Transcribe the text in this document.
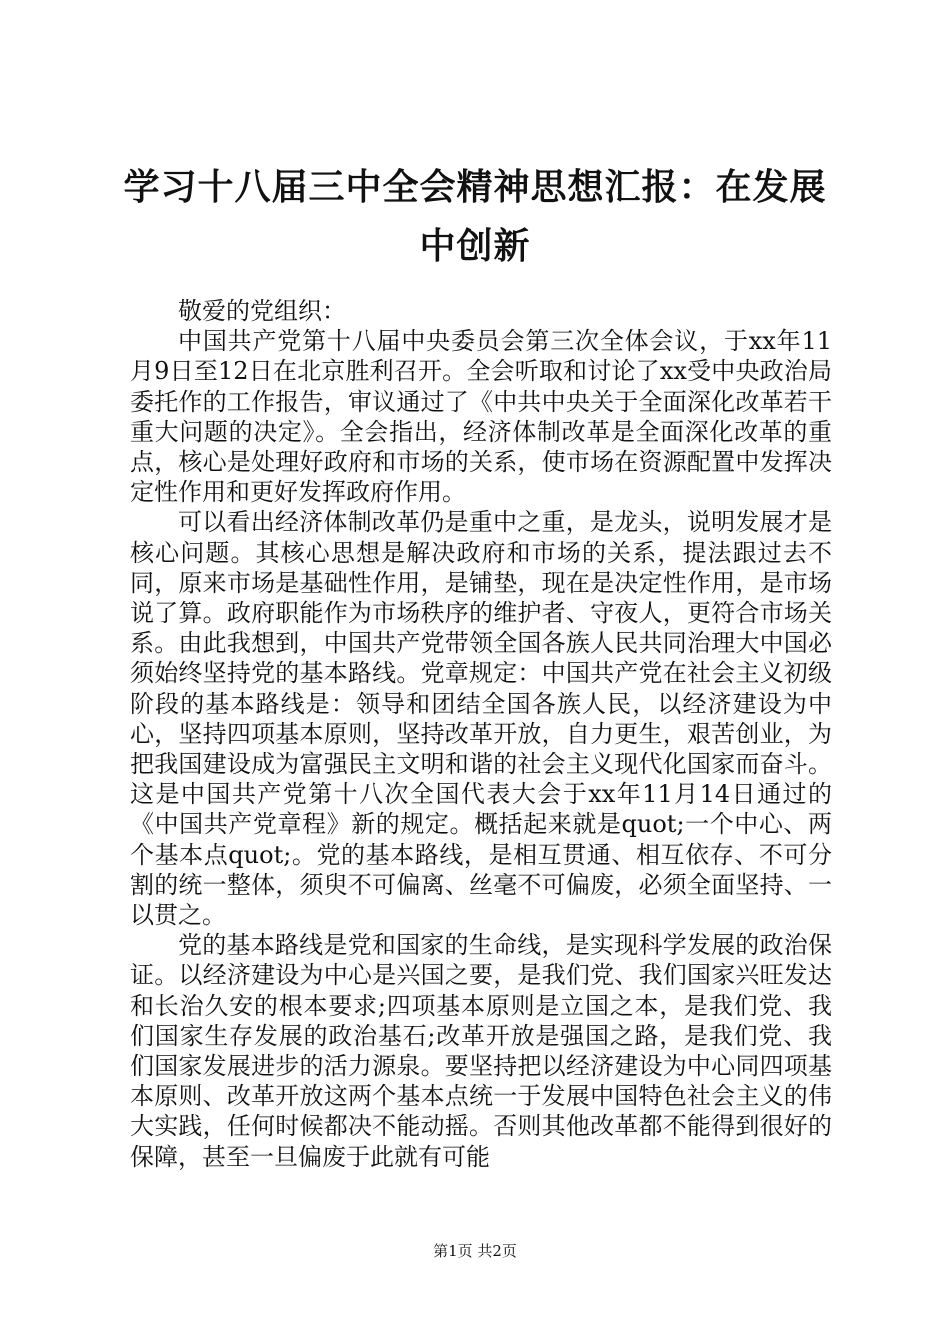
学习十八届三中全会精神思想汇报：在发展中创新

敬爱的党组织：

中国共产党第十八届中央委员会第三次全体会议，于xx年11月9日至12日在北京胜利召开。全会听取和讨论了xx受中央政治局委托作的工作报告，审议通过了《中共中央关于全面深化改革若干重大问题的决定》。全会指出，经济体制改革是全面深化改革的重点，核心是处理好政府和市场的关系，使市场在资源配置中发挥决定性作用和更好发挥政府作用。

可以看出经济体制改革仍是重中之重，是龙头，说明发展才是核心问题。其核心思想是解决政府和市场的关系，提法跟过去不同，原来市场是基础性作用，是铺垫，现在是决定性作用，是市场说了算。政府职能作为市场秩序的维护者、守夜人，更符合市场关系。由此我想到，中国共产党带领全国各族人民共同治理大中国必须始终坚持党的基本路线。党章规定：中国共产党在社会主义初级阶段的基本路线是：领导和团结全国各族人民，以经济建设为中心，坚持四项基本原则，坚持改革开放，自力更生，艰苦创业，为把我国建设成为富强民主文明和谐的社会主义现代化国家而奋斗。这是中国共产党第十八次全国代表大会于xx年11月14日通过的《中国共产党章程》新的规定。概括起来就是quot;一个中心、两个基本点quot;。党的基本路线，是相互贯通、相互依存、不可分割的统一整体，须臾不可偏离、丝毫不可偏废，必须全面坚持、一以贯之。

党的基本路线是党和国家的生命线，是实现科学发展的政治保证。以经济建设为中心是兴国之要，是我们党、我们国家兴旺发达和长治久安的根本要求;四项基本原则是立国之本，是我们党、我们国家生存发展的政治基石;改革开放是强国之路，是我们党、我们国家发展进步的活力源泉。要坚持把以经济建设为中心同四项基本原则、改革开放这两个基本点统一于发展中国特色社会主义的伟大实践，任何时候都决不能动摇。否则其他改革都不能得到很好的保障，甚至一旦偏废于此就有可能

第1页 共2页
